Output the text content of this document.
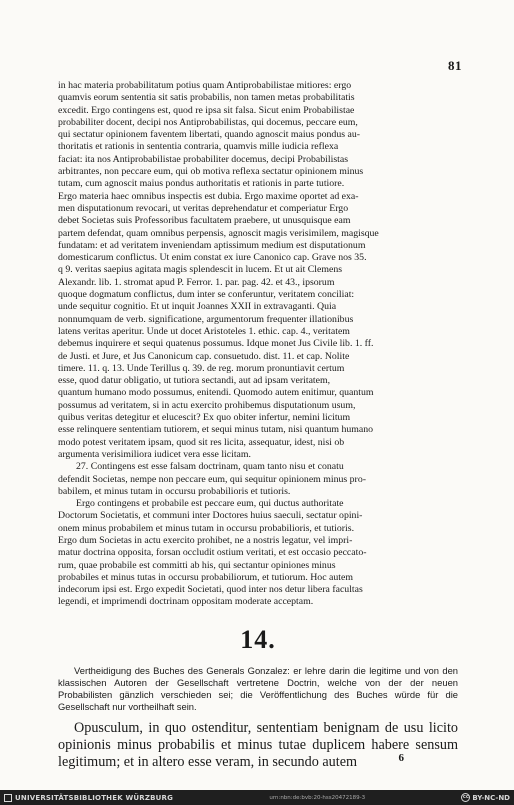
81

in hac materia probabilitatum potius quam Antiprobabilistae mitiores: ergo

quamvis eorum sententia sit satis probabilis, non tamen metas probabilitatis

excedit. Ergo contingens est, quod re ipsa sit falsa. Sicut enim Probabilistae

probabiliter docent, decipi nos Antiprobabilistas, qui docemus, peccare eum,

qui sectatur opinionem faventem libertati, quando agnoscit maius pondus au-

thoritatis et rationis in sententia contraria, quamvis mille iudicia reflexa

faciat: ita nos Antiprobabilistae probabiliter docemus, decipi Probabilistas

arbitrantes, non peccare eum, qui ob motiva reflexa sectatur opinionem minus

tutam, cum agnoscit maius pondus authoritatis et rationis in parte tutiore.

Ergo materia haec omnibus inspectis est dubia. Ergo maxime oportet ad exa-

men disputationum revocari, ut veritas deprehendatur et comperiatur Ergo

debet Societas suis Professoribus facultatem praebere, ut unusquisque eam

partem defendat, quam omnibus perpensis, agnoscit magis verisimilem, magisque

fundatam: et ad veritatem inveniendam aptissimum medium est disputationum

domesticarum conflictus. Ut enim constat ex iure Canonico cap. Grave nos 35.

q 9. veritas saepius agitata magis splendescit in lucem. Et ut ait Clemens

Alexandr. lib. 1. stromat apud P. Ferror. 1. par. pag. 42. et 43., ipsorum

quoque dogmatum conflictus, dum inter se conferuntur, veritatem conciliat:

unde sequitur cognitio. Et ut inquit Joannes XXII in extravaganti. Quia

nonnumquam de verb. significatione, argumentorum frequenter illationibus

latens veritas aperitur. Unde ut docet Aristoteles 1. ethic. cap. 4., veritatem

debemus inquirere et sequi quatenus possumus. Idque monet Jus Civile lib. 1. ff.

de Justi. et Jure, et Jus Canonicum cap. consuetudo. dist. 11. et cap. Nolite

timere. 11. q. 13. Unde Terillus q. 39. de reg. morum pronuntiavit certum

esse, quod datur obligatio, ut tutiora sectandi, aut ad ipsam veritatem,

quantum humano modo possumus, enitendi. Quomodo autem enitimur, quantum

possumus ad veritatem, si in actu exercito prohibemus disputationum usum,

quibus veritas detegitur et elucescit? Ex quo obiter infertur, nemini licitum

esse relinquere sententiam tutiorem, et sequi minus tutam, nisi quantum humano

modo potest veritatem ipsam, quod sit res licita, assequatur, idest, nisi ob

argumenta verisimiliora iudicet vera esse licitam.

27. Contingens est esse falsam doctrinam, quam tanto nisu et conatu

defendit Societas, nempe non peccare eum, qui sequitur opinionem minus pro-

babilem, et minus tutam in occursu probabilioris et tutioris.

Ergo contingens et probabile est peccare eum, qui ductus authoritate

Doctorum Societatis, et communi inter Doctores huius saeculi, sectatur opini-

onem minus probabilem et minus tutam in occursu probabilioris, et tutioris.

Ergo dum Societas in actu exercito prohibet, ne a nostris legatur, vel impri-

matur doctrina opposita, forsan occludit ostium veritati, et est occasio peccato-

rum, quae probabile est committi ab his, qui sectantur opiniones minus

probabiles et minus tutas in occursu probabiliorum, et tutiorum. Hoc autem

indecorum ipsi est. Ergo expedit Societati, quod inter nos detur libera facultas

legendi, et imprimendi doctrinam oppositam moderate acceptam.

14.

Vertheidigung des Buches des Generals Gonzalez: er lehre darin die legitime und von den klassischen Autoren der Gesellschaft vertretene Doctrin, welche von der der neuen Probabilisten gänzlich verschieden sei; die Veröffentlichung des Buches würde für die Gesellschaft nur vortheilhaft sein.

Opusculum, in quo ostenditur, sententiam benignam de usu licito opinionis minus probabilis et minus tutae duplicem habere sensum legitimum; et in altero esse veram, in secundo autem	6
UNIVERSITÄTSBIBLIOTHEK WÜRZBURG	urn:nbn:de:bvb:20-hss20472189-3	cc BY-NC-ND
